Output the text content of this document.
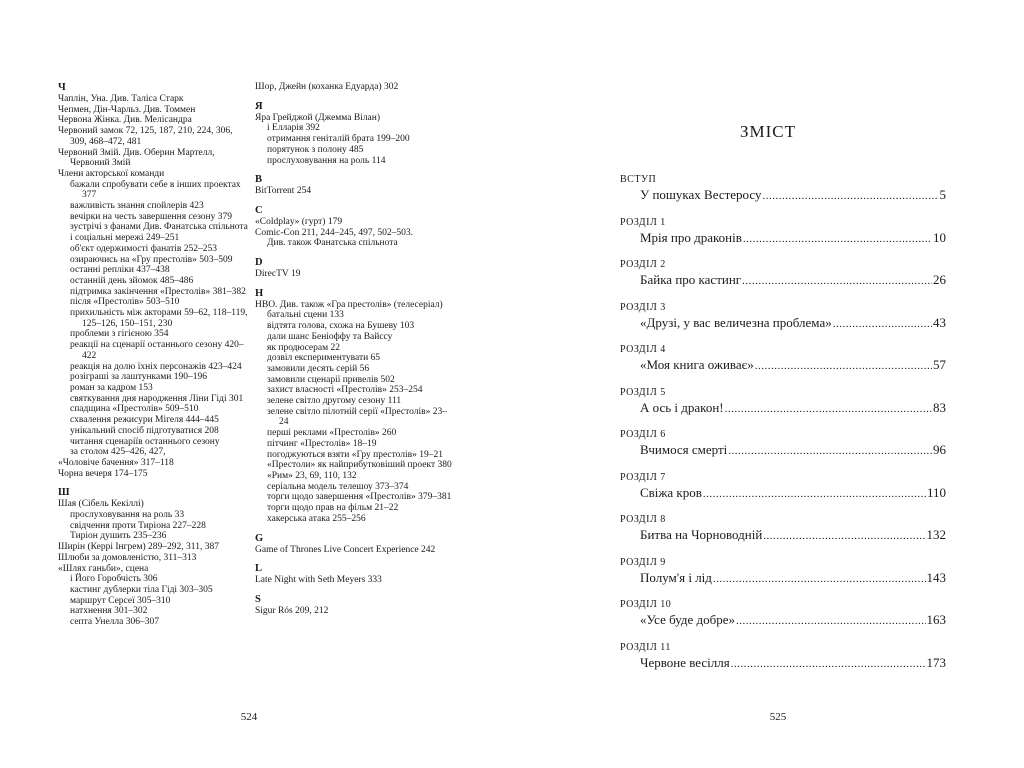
Ч
Чаплін, Уна. Див. Таліса Старк
Чепмен, Дін-Чарльз. Див. Томмен
Червона Жінка. Див. Мелісандра
Червоний замок 72, 125, 187, 210, 224, 306, 309, 468–472, 481
Червоний Змій. Див. Оберин Мартелл, Червоний Змій
Члени акторської команди
бажали спробувати себе в інших проектах 377
важливість знання спойлерів 423
вечірки на честь завершення сезону 379
зустрічі з фанами Див. Фанатська спільнота
і соціальні мережі 249–251
об'єкт одержимості фанатів 252–253
озираючись на «Гру престолів» 503–509
останні репліки 437–438
останній день зйомок 485–486
підтримка закінчення «Престолів» 381–382
після «Престолів» 503–510
прихильність між акторами 59–62, 118–119, 125–126, 150–151, 230
проблеми з гігієною 354
реакції на сценарії останнього сезону 420–422
реакція на долю їхніх персонажів 423–424
розіграші за лаштунками 190–196
роман за кадром 153
святкування дня народження Ліни Гіді 301
спадщина «Престолів» 509–510
схвалення режисури Мігеля 444–445
унікальний спосіб підготуватися 208
читання сценаріїв останнього сезону
за столом 425–426, 427,
«Чоловіче бачення» 317–118
Чорна вечеря 174–175
Ш
Шая (Сібель Кекіллі)
прослуховування на роль 33
свідчення проти Тиріона 227–228
Тиріон душить 235–236
Ширін (Керрі Інгрем) 289–292, 311, 387
Шлюби за домовленістю, 311–313
«Шлях ганьби», сцена
і Його Горобчість 306
кастинг дублерки тіла Гіді 303–305
маршрут Серсеї 305–310
натхнення 301–302
септа Унелла 306–307
Шор, Джейн (коханка Едуарда) 302
Я
Яра Грейджой (Джемма Вілан)
і Елларія 392
отримання геніталій брата 199–200
порятунок з полону 485
прослуховування на роль 114
B
BitTorrent 254
C
«Coldplay» (гурт) 179
Comic-Con 211, 244–245, 497, 502–503.
Див. також Фанатська спільнота
D
DirecTV 19
H
HBO. Див. також «Гра престолів» (телесеріал)
батальні сцени 133
відтята голова, схожа на Бушеву 103
дали шанс Беніоффу та Вайссу
як продюсерам 22
дозвіл експериментувати 65
замовили десять серій 56
замовили сценарії привелів 502
захист власності «Престолів» 253–254
зелене світло другому сезону 111
зелене світло пілотній серії «Престолів» 23–24
перші реклами «Престолів» 260
пітчинг «Престолів» 18–19
погоджуються взяти «Гру престолів» 19–21
«Престоли» як найприбутковіший проект 380
«Рим» 23, 69, 110, 132
серіальна модель телешоу 373–374
торги щодо завершення «Престолів» 379–381
торги щодо прав на фільм 21–22
хакерська атака 255–256
G
Game of Thrones Live Concert Experience 242
L
Late Night with Seth Meyers 333
S
Sigur Rós 209, 212
524
ЗМІСТ
ВСТУП
У пошуках Вестеросу .....	5
РОЗДІЛ 1
Мрія про драконів .....	10
РОЗДІЛ 2
Байка про кастинг .....	26
РОЗДІЛ 3
«Друзі, у вас величезна проблема» .....	43
РОЗДІЛ 4
«Моя книга оживає» .....	57
РОЗДІЛ 5
А ось і дракон! .....	83
РОЗДІЛ 6
Вчимося смерті .....	96
РОЗДІЛ 7
Свіжа кров .....	110
РОЗДІЛ 8
Битва на Чорноводній .....	132
РОЗДІЛ 9
Полум'я і лід .....	143
РОЗДІЛ 10
«Усе буде добре» .....	163
РОЗДІЛ 11
Червоне весілля .....	173
525
